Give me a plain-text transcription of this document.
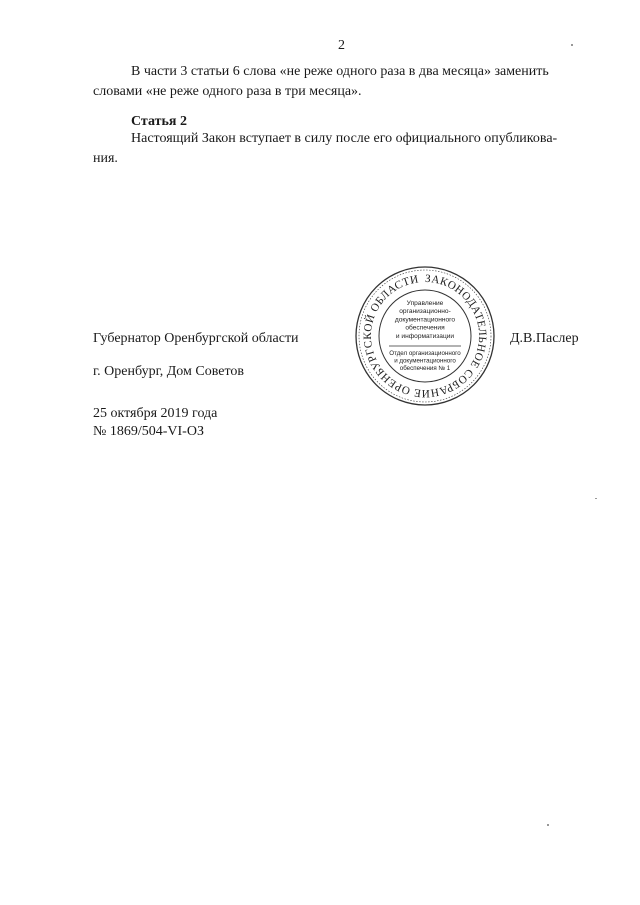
2

В части 3 статьи 6 слова «не реже одного раза в два месяца» заменить

словами «не реже одного раза в три месяца».

Статья 2

Настоящий Закон вступает в силу после его официального опубликова-

ния.

Губернатор Оренбургской области	Д.В.Паслер

г. Оренбург, Дом Советов

25 октября 2019 года

№ 1869/504-VI-ОЗ

ЗАКОНОДАТЕЛЬНОЕ СОБРАНИЕ ОРЕНБУРГСКОЙ ОБЛАСТИ
Управление
организационно-
документационного
обеспечения
и информатизации
Отдел организационного
и документационного
обеспечения № 1
